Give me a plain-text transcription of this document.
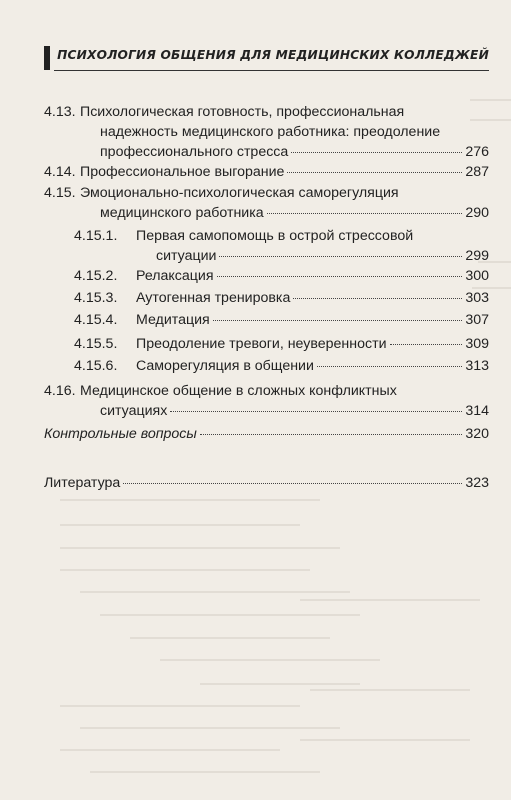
ПСИХОЛОГИЯ ОБЩЕНИЯ ДЛЯ МЕДИЦИНСКИХ КОЛЛЕДЖЕЙ
4.13. Психологическая готовность, профессиональная
надежность медицинского работника: преодоление
профессионального стресса	276
4.14. Профессиональное выгорание	287
4.15. Эмоционально-психологическая саморегуляция
медицинского работника	290
4.15.1. Первая самопомощь в острой стрессовой
ситуации	299
4.15.2. Релаксация	300
4.15.3. Аутогенная тренировка	303
4.15.4. Медитация	307
4.15.5. Преодоление тревоги, неуверенности	309
4.15.6. Саморегуляция в общении	313
4.16. Медицинское общение в сложных конфликтных
ситуациях	314
Контрольные вопросы	320
Литература	323
